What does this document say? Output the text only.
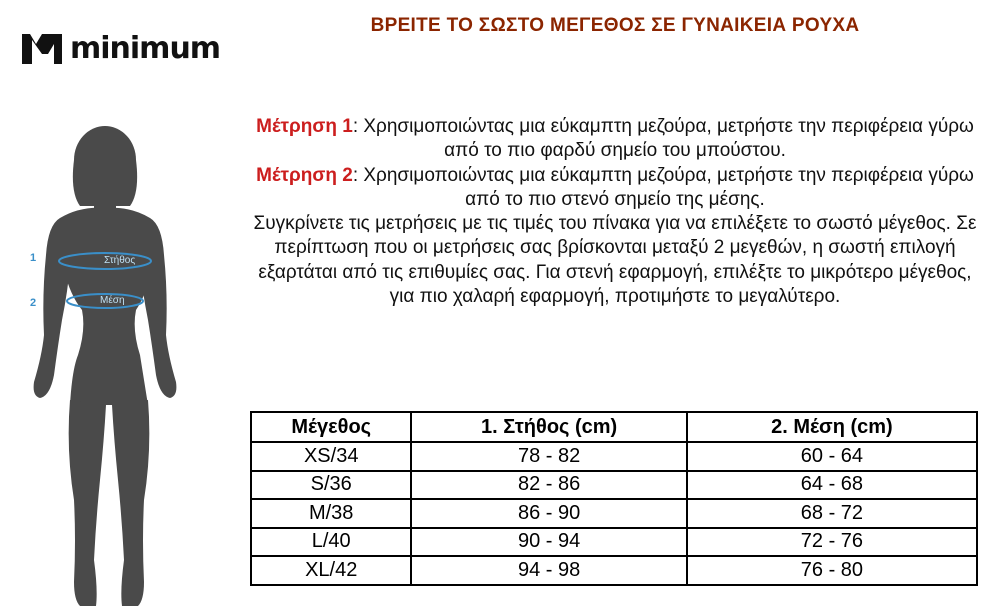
ΒΡΕΙΤΕ ΤΟ ΣΩΣΤΟ ΜΕΓΕΘΟΣ ΣΕ ΓΥΝΑΙΚΕΙΑ ΡΟΥΧΑ
minimum
1
2
Στήθος
Μέση
Μέτρηση 1: Χρησιμοποιώντας μια εύκαμπτη μεζούρα, μετρήστε την περιφέρεια γύρω από το πιο φαρδύ σημείο του μπούστου.
Μέτρηση 2: Χρησιμοποιώντας μια εύκαμπτη μεζούρα, μετρήστε την περιφέρεια γύρω από το πιο στενό σημείο της μέσης.
Συγκρίνετε τις μετρήσεις με τις τιμές του πίνακα για να επιλέξετε το σωστό μέγεθος. Σε περίπτωση που οι μετρήσεις σας βρίσκονται μεταξύ 2 μεγεθών, η σωστή επιλογή εξαρτάται από τις επιθυμίες σας. Για στενή εφαρμογή, επιλέξτε το μικρότερο μέγεθος, για πιο χαλαρή εφαρμογή, προτιμήστε το μεγαλύτερο.
Μέγεθος	1. Στήθος (cm)	2. Μέση (cm)
XS/34	78 - 82	60 - 64
S/36	82 - 86	64 - 68
M/38	86 - 90	68 - 72
L/40	90 - 94	72 - 76
XL/42	94 - 98	76 - 80
